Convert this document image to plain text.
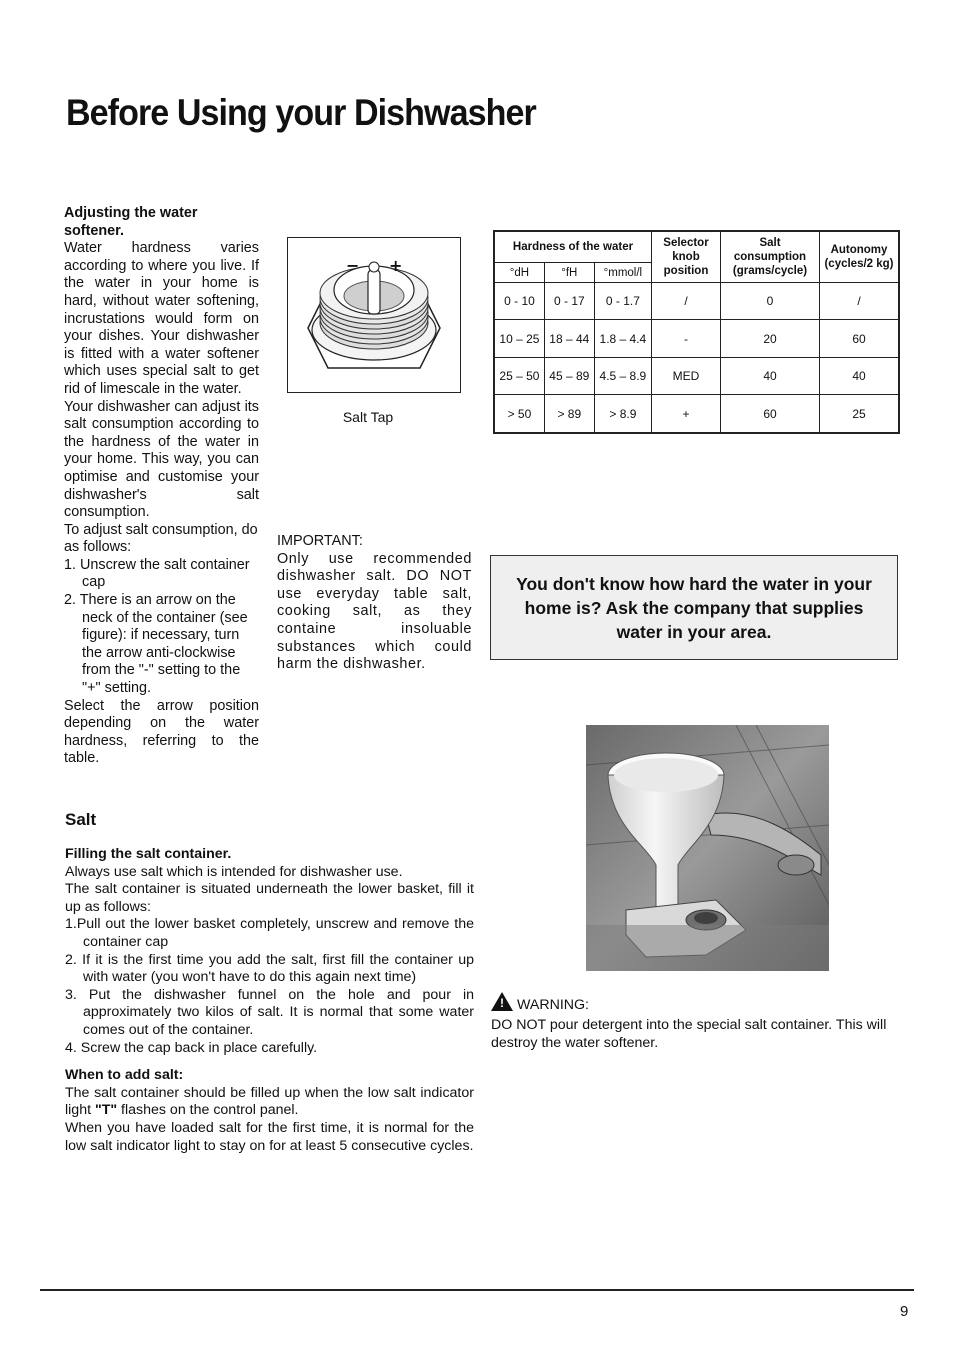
Before Using your Dishwasher

Adjusting the water softener.

Water hardness varies according to where you live. If the water in your home is hard, without water softening, incrustations would form on your dishes. Your dishwasher is fitted with a water softener which uses special salt to get rid of limescale in the water.

Your dishwasher can adjust its salt consumption according to the hardness of the water in your home. This way, you can optimise and customise your dishwasher's salt consumption.

To adjust salt consumption, do as follows:

1. Unscrew the salt container cap
2. There is an arrow on the neck of the container (see figure): if necessary, turn the arrow anti-clockwise from the "-" setting to the "+" setting.

Select the arrow position depending on the water hardness, referring to the table.

− +
Salt Tap

IMPORTANT:

Only use recommended dishwasher salt. DO NOT use everyday table salt, cooking salt, as they containe insoluable substances which could harm the dishwasher.

Hardness of the water			Selector knob position	Salt consumption (grams/cycle)	Autonomy (cycles/2 kg)
°dH	°fH	°mmol/l			
0 - 10	0 - 17	0 - 1.7	/	0	/
10 – 25	18 – 44	1.8 – 4.4	-	20	60
25 – 50	45 – 89	4.5 – 8.9	MED	40	40
> 50	> 89	> 8.9	+	60	25
You don't know how hard the water in your home is? Ask the company that supplies water in your area.
Salt

Filling the salt container.

Always use salt which is intended for dishwasher use.

The salt container is situated underneath the lower basket, fill it up as follows:

1.Pull out the lower basket completely, unscrew and remove the container cap
2. If it is the first time you add the salt, first fill the container up with water (you won't have to do this again next time)
3. Put the dishwasher funnel on the hole and pour in approximately two kilos of salt. It is normal that some water comes out of the container.
4. Screw the cap back in place carefully.

When to add salt:

The salt container should be filled up when the low salt indicator light "T" flashes on the control panel.

When you have loaded salt for the first time, it is normal for the low salt indicator light to stay on for at least 5 consecutive cycles.

! WARNING:

DO NOT pour detergent into the special salt container. This will destroy the water softener.

9
